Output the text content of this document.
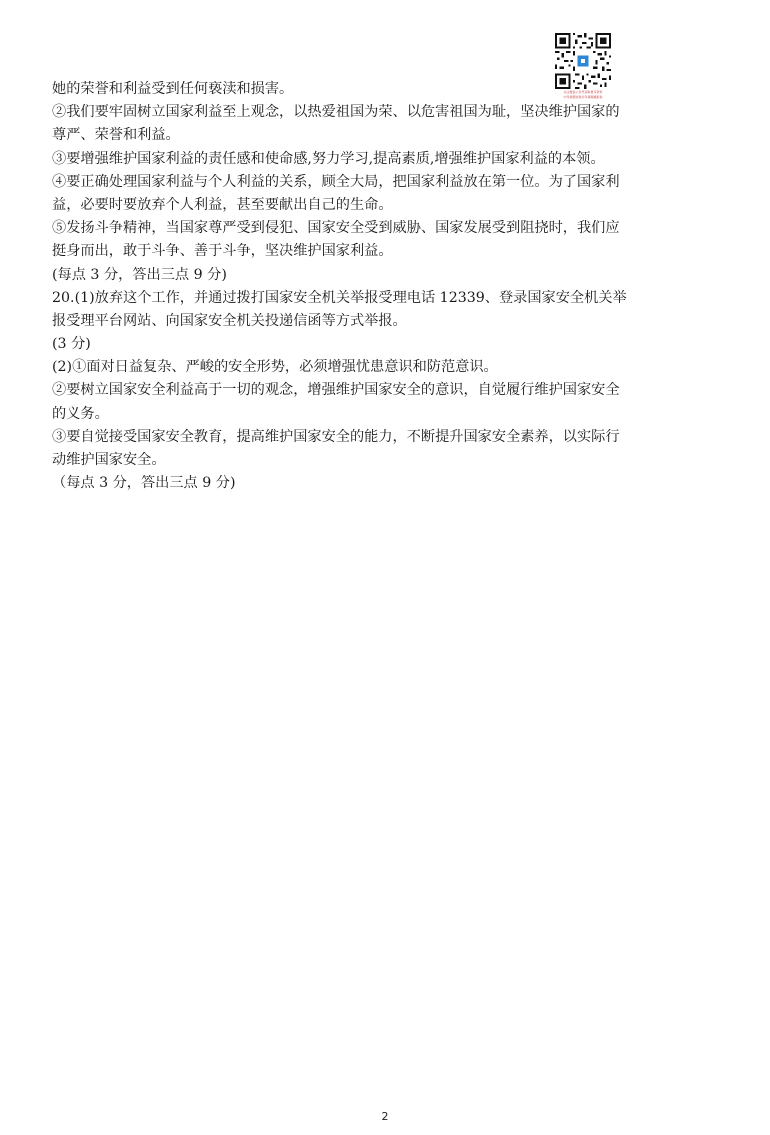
关注微信公众号获取更多资料
中考真题试卷历年真题模拟卷
她的荣誉和利益受到任何亵渎和损害。
②我们要牢固树立国家利益至上观念，以热爱祖国为荣、以危害祖国为耻，坚决维护国家的
尊严、荣誉和利益。
③要增强维护国家利益的责任感和使命感,努力学习,提高素质,增强维护国家利益的本领。
④要正确处理国家利益与个人利益的关系，顾全大局，把国家利益放在第一位。为了国家利
益，必要时要放弃个人利益，甚至要献出自己的生命。
⑤发扬斗争精神，当国家尊严受到侵犯、国家安全受到威胁、国家发展受到阻挠时，我们应
挺身而出，敢于斗争、善于斗争，坚决维护国家利益。
(每点 3 分，答出三点 9 分)
20.(1)放弃这个工作，并通过拨打国家安全机关举报受理电话 12339、登录国家安全机关举
报受理平台网站、向国家安全机关投递信函等方式举报。
(3 分)
(2)①面对日益复杂、严峻的安全形势，必须增强忧患意识和防范意识。
②要树立国家安全利益高于一切的观念，增强维护国家安全的意识，自觉履行维护国家安全
的义务。
③要自觉接受国家安全教育，提高维护国家安全的能力，不断提升国家安全素养，以实际行
动维护国家安全。
（每点 3 分，答出三点 9 分)
2
